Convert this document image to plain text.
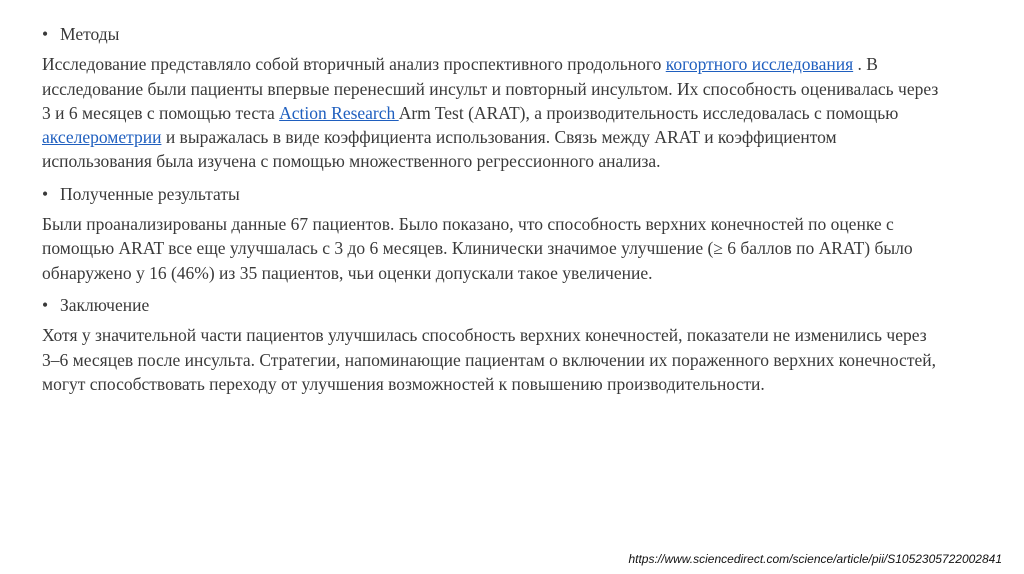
• Методы

Исследование представляло собой вторичный анализ проспективного продольного когортного исследования . В исследование были пациенты впервые перенесший инсульт и повторный инсультом. Их способность оценивалась через 3 и 6 месяцев с помощью теста Action Research Arm Test (ARAT), а производительность исследовалась с помощью акселерометрии и выражалась в виде коэффициента использования. Связь между ARAT и коэффициентом использования была изучена с помощью множественного регрессионного анализа.

• Полученные результаты

Были проанализированы данные 67 пациентов. Было показано, что способность верхних конечностей по оценке с помощью ARAT все еще улучшалась с 3 до 6 месяцев. Клинически значимое улучшение (≥ 6 баллов по ARAT) было обнаружено у 16 (46%) из 35 пациентов, чьи оценки допускали такое увеличение.

• Заключение

Хотя у значительной части пациентов улучшилась способность верхних конечностей, показатели не изменились через 3–6 месяцев после инсульта. Стратегии, напоминающие пациентам о включении их пораженного верхних конечностей, могут способствовать переходу от улучшения возможностей к повышению производительности.

https://www.sciencedirect.com/science/article/pii/S1052305722002841
